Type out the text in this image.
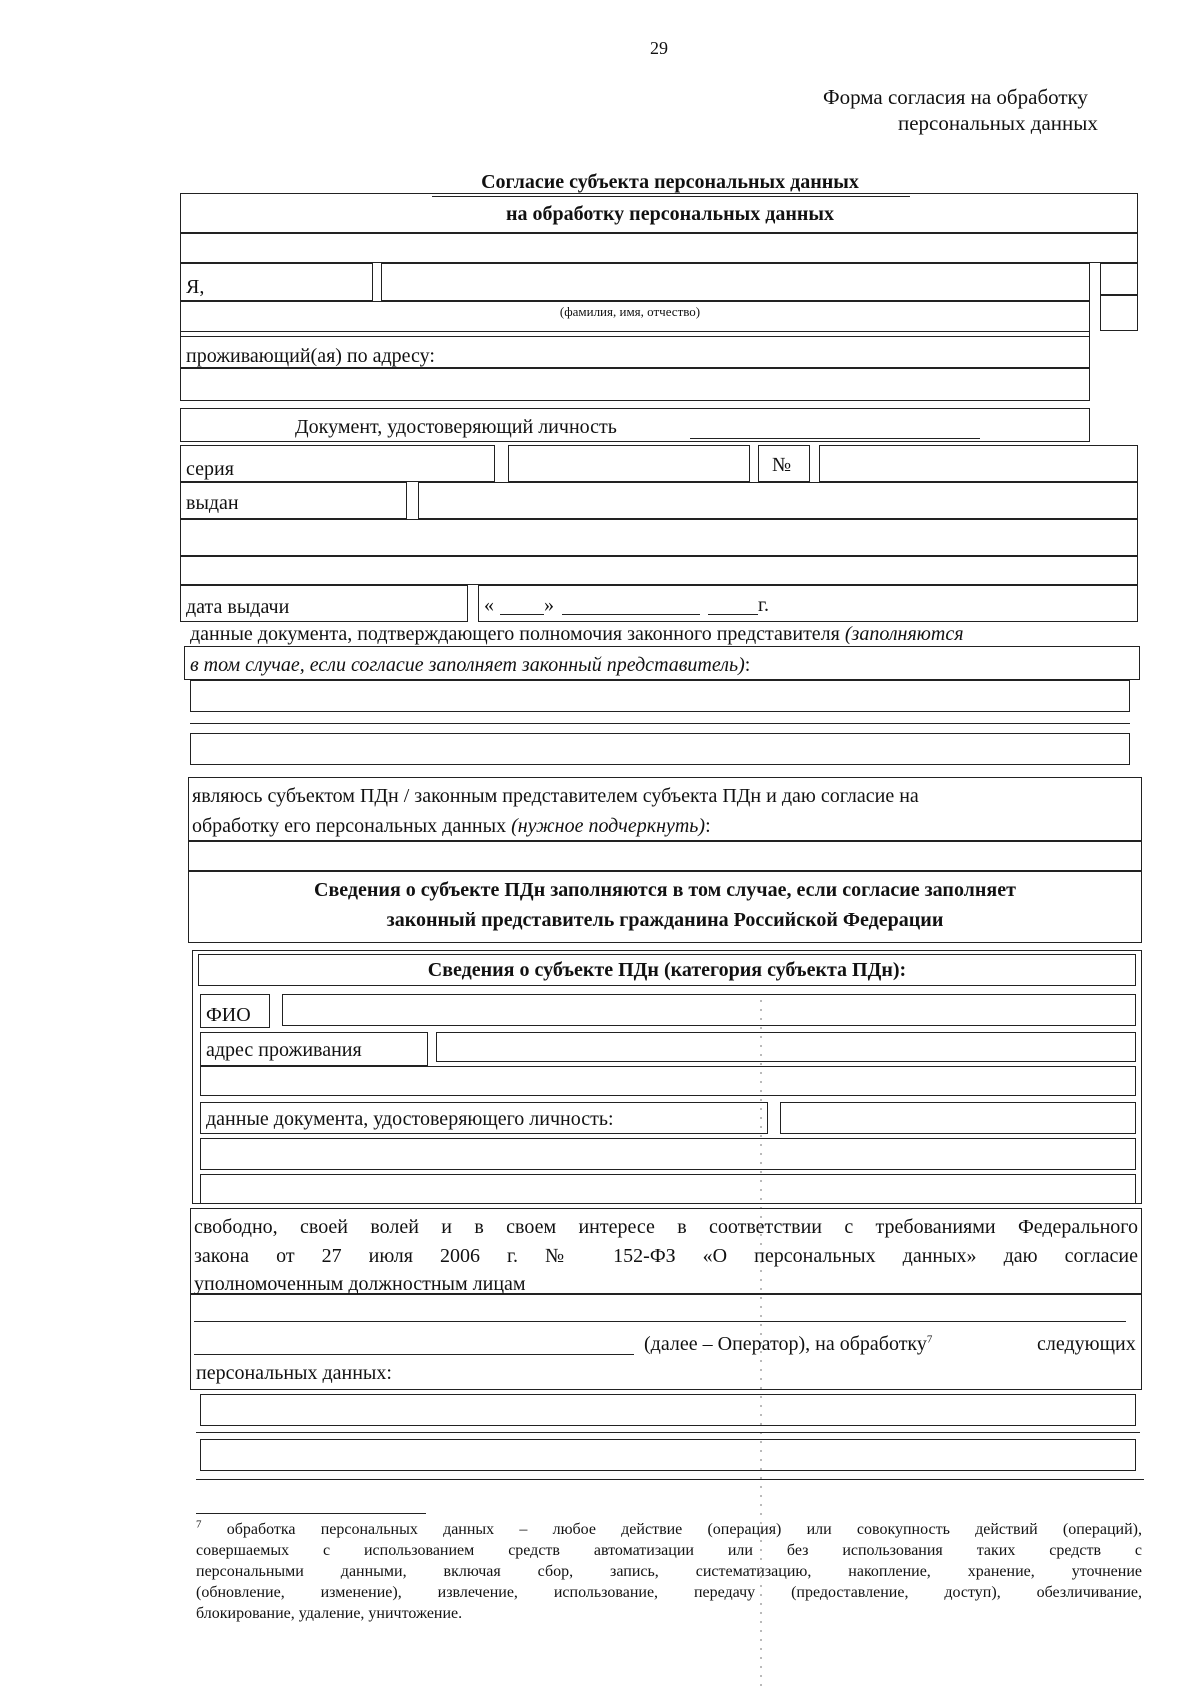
29
Форма согласия на обработку
персональных данных
Согласие субъекта персональных данных
на обработку персональных данных
Я,
(фамилия, имя, отчество)
проживающий(ая) по адресу:
Документ, удостоверяющий личность
серия	№
выдан
дата выдачи	«	»	г.
данные документа, подтверждающего полномочия законного представителя (заполняются
в том случае, если согласие заполняет законный представитель):
являюсь субъектом ПДн / законным представителем субъекта ПДн и даю согласие на
обработку его персональных данных (нужное подчеркнуть):
Сведения о субъекте ПДн заполняются в том случае, если согласие заполняет
законный представитель гражданина Российской Федерации
Сведения о субъекте ПДн (категория субъекта ПДн):
ФИО
адрес проживания
данные документа, удостоверяющего личность:
свободно, своей волей и в своем интересе в соответствии с требованиями Федерального
закона от 27 июля 2006 г. № 152-ФЗ «О персональных данных» даю согласие
уполномоченным должностным лицам
(далее – Оператор), на обработку$^7$	следующих
персональных данных:

$^7$ обработка персональных данных – любое действие (операция) или совокупность действий (операций),

совершаемых с использованием средств автоматизации или без использования таких средств с

персональными данными, включая сбор, запись, систематизацию, накопление, хранение, уточнение

(обновление, изменение), извлечение, использование, передачу (предоставление, доступ), обезличивание,

блокирование, удаление, уничтожение.
